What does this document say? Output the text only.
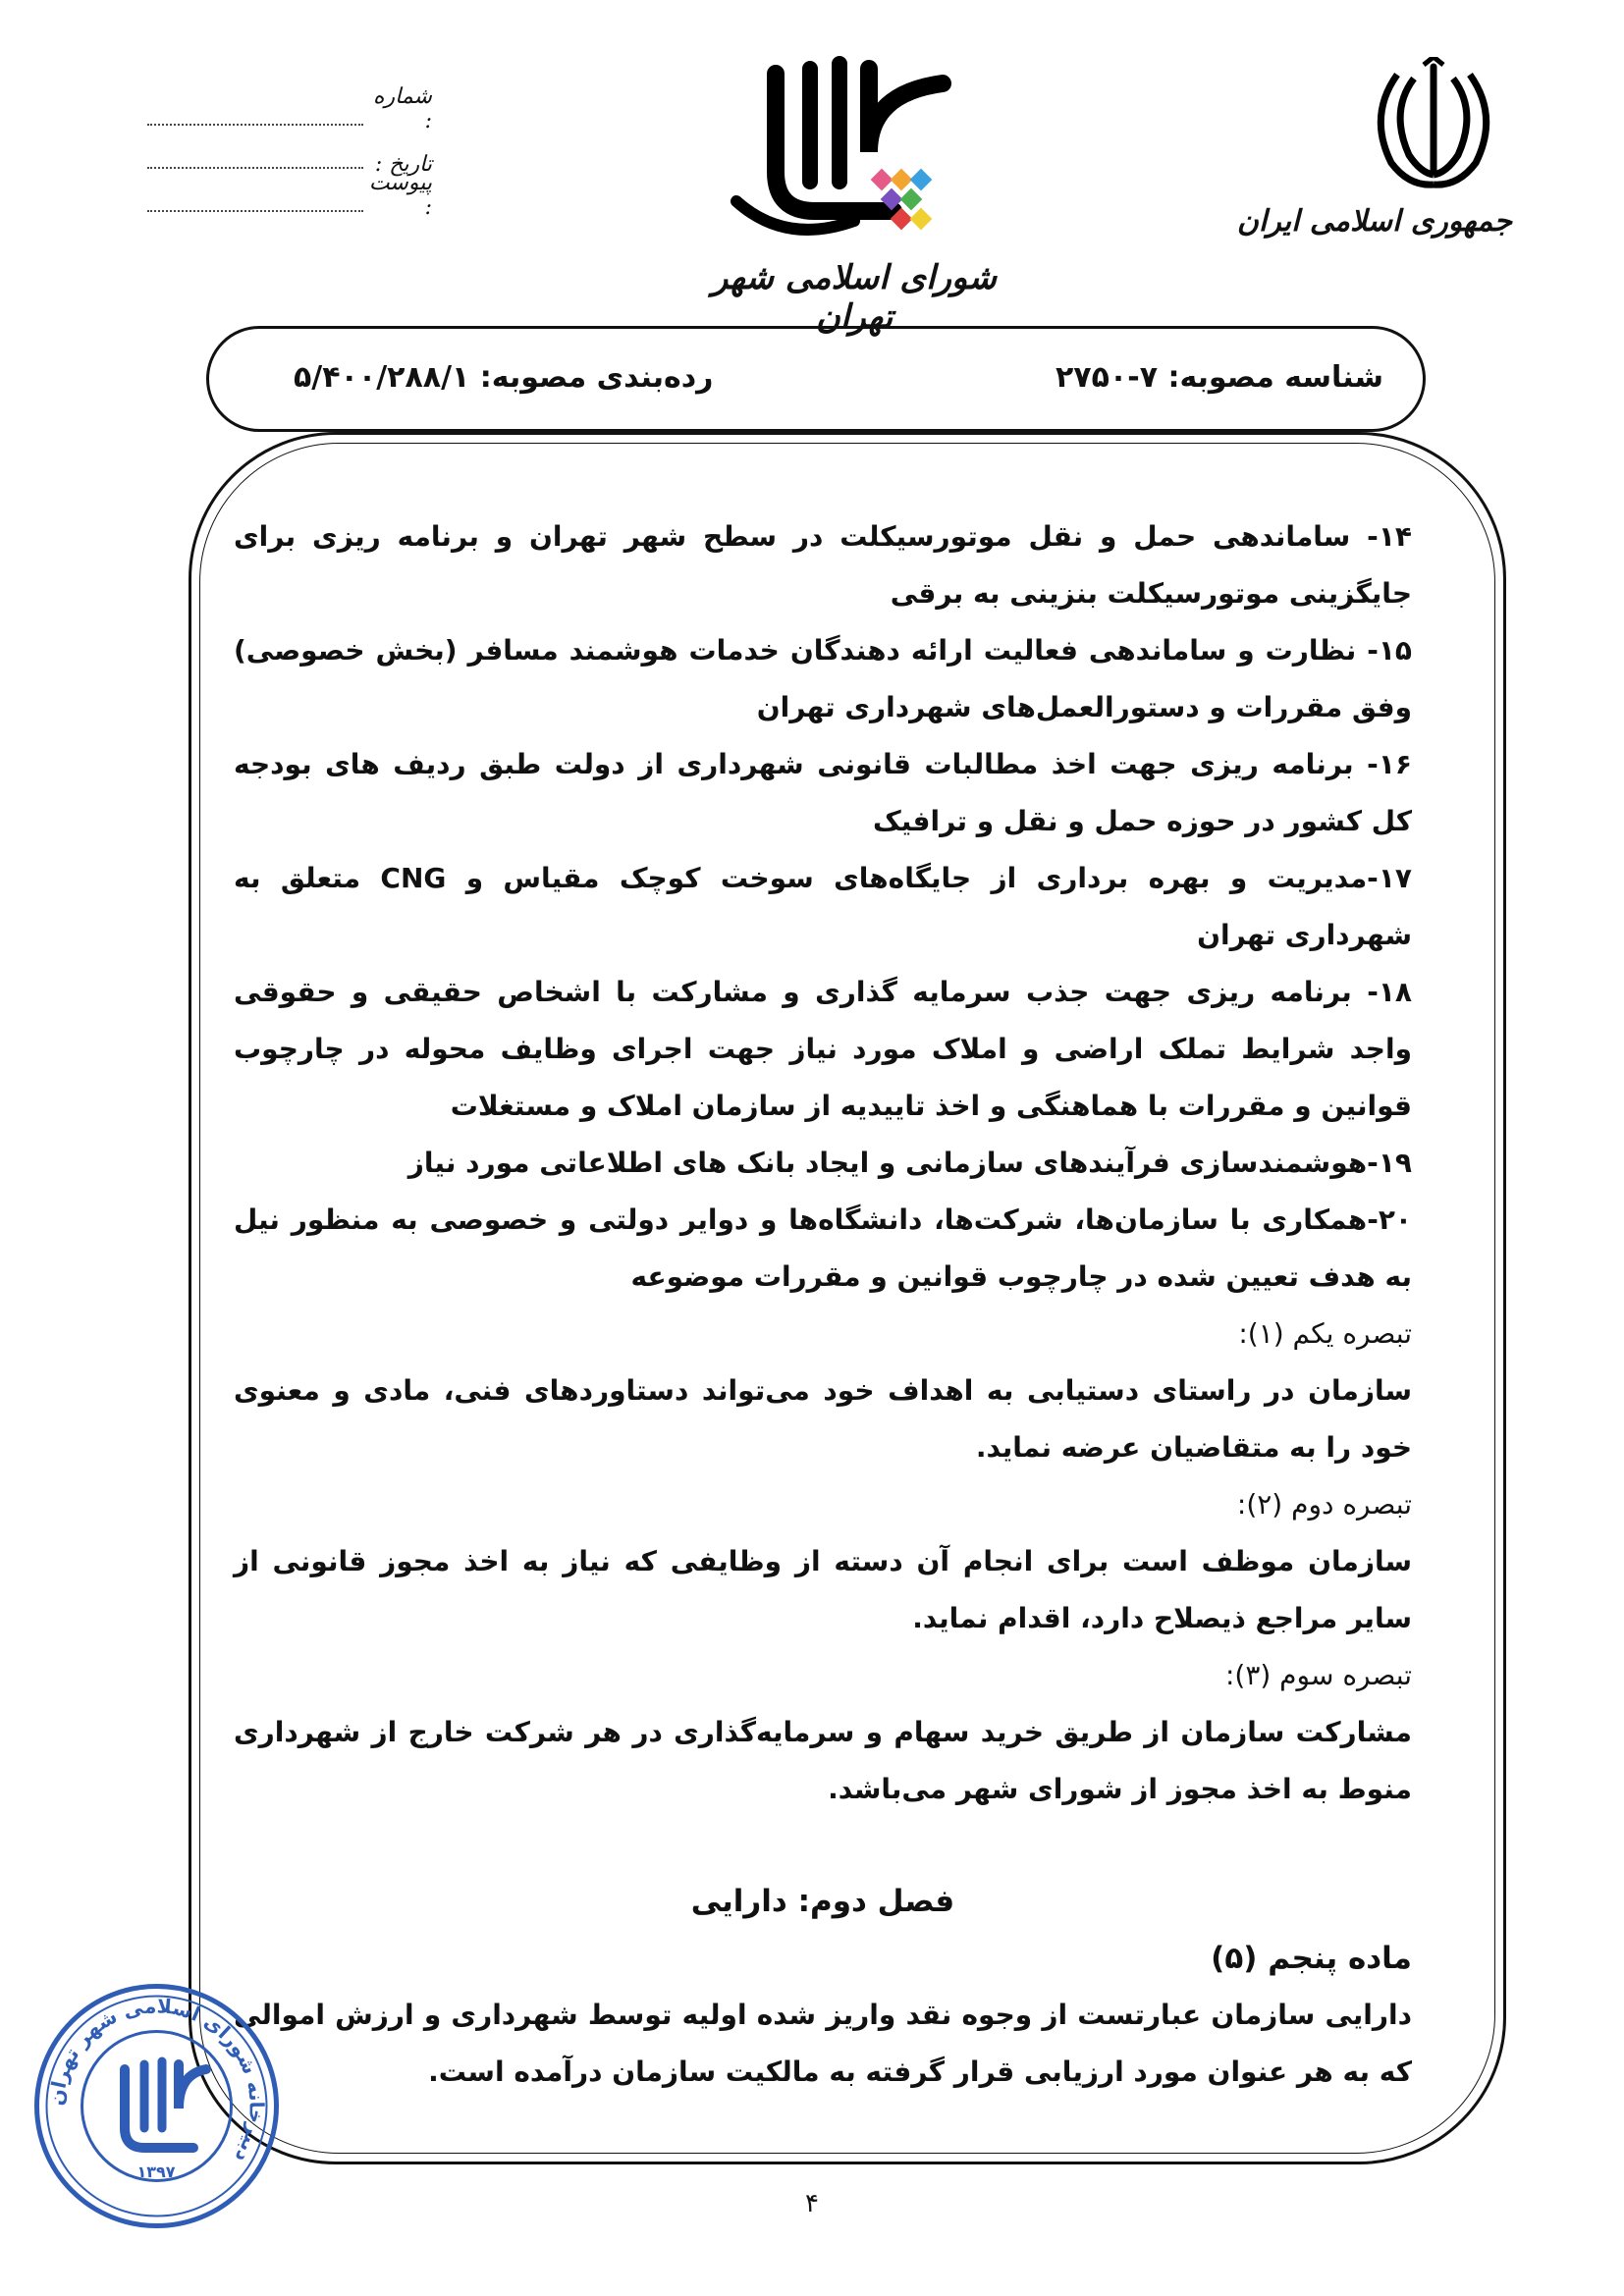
شماره :
تاریخ :
پیوست :
شورای اسلامی شهر تهران
جمهوری اسلامی ایران
شناسه مصوبه: ۷-۲۷۵۰
رده‌بندی مصوبه: ۵/۴۰۰/۲۸۸/۱

۱۴- ساماندهی حمل و نقل موتورسیکلت در سطح شهر تهران و برنامه ریزی برای جایگزینی موتورسیکلت بنزینی به برقی

۱۵- نظارت و ساماندهی فعالیت ارائه دهندگان خدمات هوشمند مسافر (بخش خصوصی) وفق مقررات و دستورالعمل‌های شهرداری تهران

۱۶- برنامه ریزی جهت اخذ مطالبات قانونی شهرداری از دولت طبق ردیف های بودجه کل کشور در حوزه حمل و نقل و ترافیک

۱۷-مدیریت و بهره برداری از جایگاه‌های سوخت کوچک مقیاس و CNG متعلق به شهرداری تهران

۱۸- برنامه ریزی جهت جذب سرمایه گذاری و مشارکت با اشخاص حقیقی و حقوقی واجد شرایط تملک اراضی و املاک مورد نیاز جهت اجرای وظایف محوله در چارچوب قوانین و مقررات با هماهنگی و اخذ تاییدیه از سازمان املاک و مستغلات

۱۹-هوشمندسازی فرآیندهای سازمانی و ایجاد بانک های اطلاعاتی مورد نیاز

۲۰-همکاری با سازمان‌ها، شرکت‌ها، دانشگاه‌ها و دوایر دولتی و خصوصی به منظور نیل به هدف تعیین شده در چارچوب قوانین و مقررات موضوعه

تبصره یکم (۱):

سازمان در راستای دستیابی به اهداف خود می‌تواند دستاوردهای فنی، مادی و معنوی خود را به متقاضیان عرضه نماید.

تبصره دوم (۲):

سازمان موظف است برای انجام آن دسته از وظایفی که نیاز به اخذ مجوز قانونی از سایر مراجع ذیصلاح دارد، اقدام نماید.

تبصره سوم (۳):

مشارکت سازمان از طریق خرید سهام و سرمایه‌گذاری در هر شرکت خارج از شهرداری منوط به اخذ مجوز از شورای شهر می‌باشد.

فصل دوم: دارایی

ماده پنجم (۵)

دارایی سازمان عبارتست از وجوه نقد واریز شده اولیه توسط شهرداری و ارزش اموالی که به هر عنوان مورد ارزیابی قرار گرفته به مالکیت سازمان درآمده است.

دبیرخانه شورای اسلامی شهر تهران
۱۳۹۷
۴
